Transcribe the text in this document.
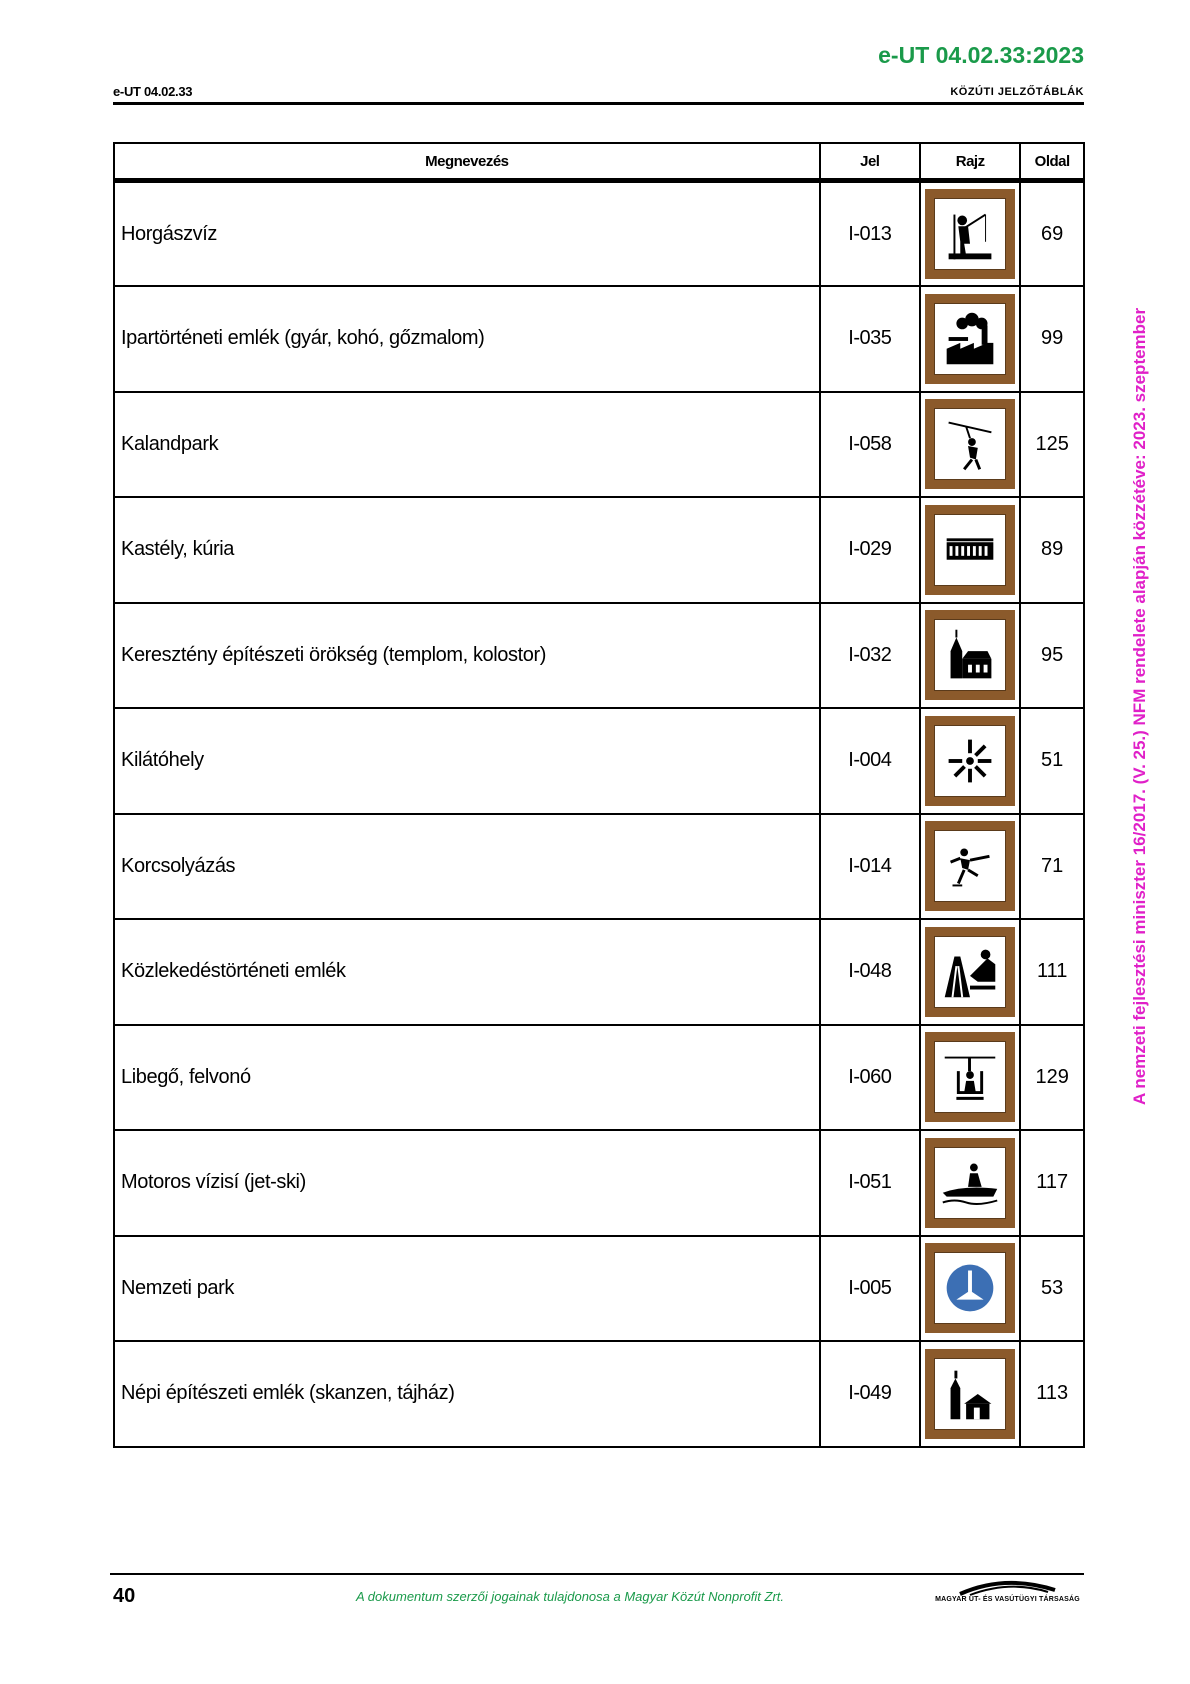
e-UT 04.02.33:2023
e-UT 04.02.33	KÖZÚTI JELZŐTÁBLÁK
A nemzeti fejlesztési miniszter 16/2017. (V. 25.) NFM rendelete alapján közzétéve: 2023. szeptember
Megnevezés	Jel	Rajz	Oldal
Horgászvíz	I-013		69
Ipartörténeti emlék (gyár, kohó, gőzmalom)	I-035		99
Kalandpark	I-058		125
Kastély, kúria	I-029		89
Keresztény építészeti örökség (templom, kolostor)	I-032		95
Kilátóhely	I-004		51
Korcsolyázás	I-014		71
Közlekedéstörténeti emlék	I-048		111
Libegő, felvonó	I-060		129
Motoros vízisí (jet-ski)	I-051		117
Nemzeti park	I-005		53
Népi építészeti emlék (skanzen, tájház)	I-049		113
40	A dokumentum szerzői jogainak tulajdonosa a Magyar Közút Nonprofit Zrt.	MAGYAR ÚT- ÉS VASÚTÜGYI TÁRSASÁG
